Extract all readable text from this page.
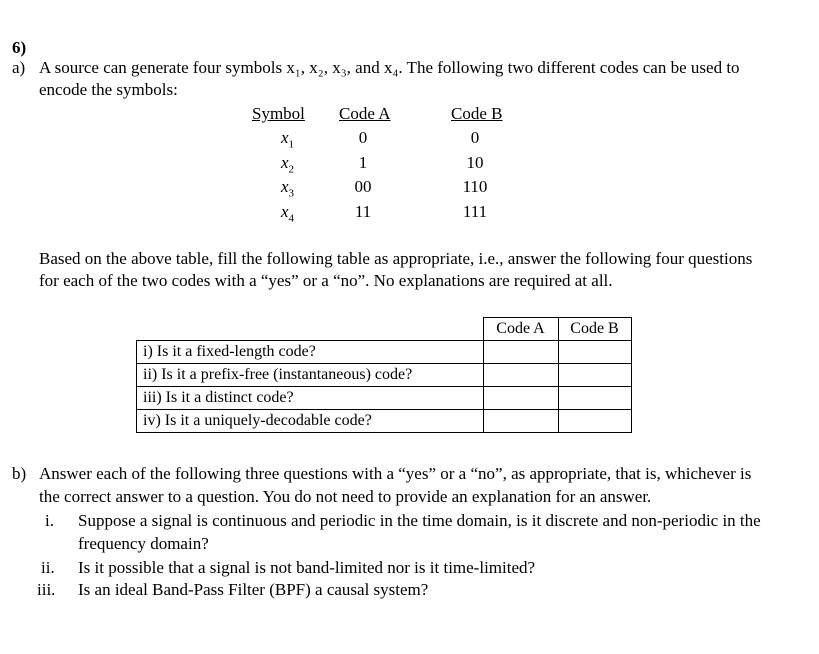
6)
a) A source can generate four symbols x₁, x₂, x₃, and x₄. The following two different codes can be used to
encode the symbols:
Symbol Code A	Code B
$x_1$	0	0
$x_2$	1	10
$x_3$	00	110
$x_4$	11	111
Based on the above table, fill the following table as appropriate, i.e., answer the following four questions
for each of the two codes with a “yes” or a “no”. No explanations are required at all.
	Code A	Code B
i) Is it a fixed-length code?		
ii) Is it a prefix-free (instantaneous) code?		
iii) Is it a distinct code?		
iv) Is it a uniquely-decodable code?		
b) Answer each of the following three questions with a “yes” or a “no”, as appropriate, that is, whichever is
the correct answer to a question. You do not need to provide an explanation for an answer.
i. Suppose a signal is continuous and periodic in the time domain, is it discrete and non-periodic in the
frequency domain?
ii. Is it possible that a signal is not band-limited nor is it time-limited?
iii. Is an ideal Band-Pass Filter (BPF) a causal system?
